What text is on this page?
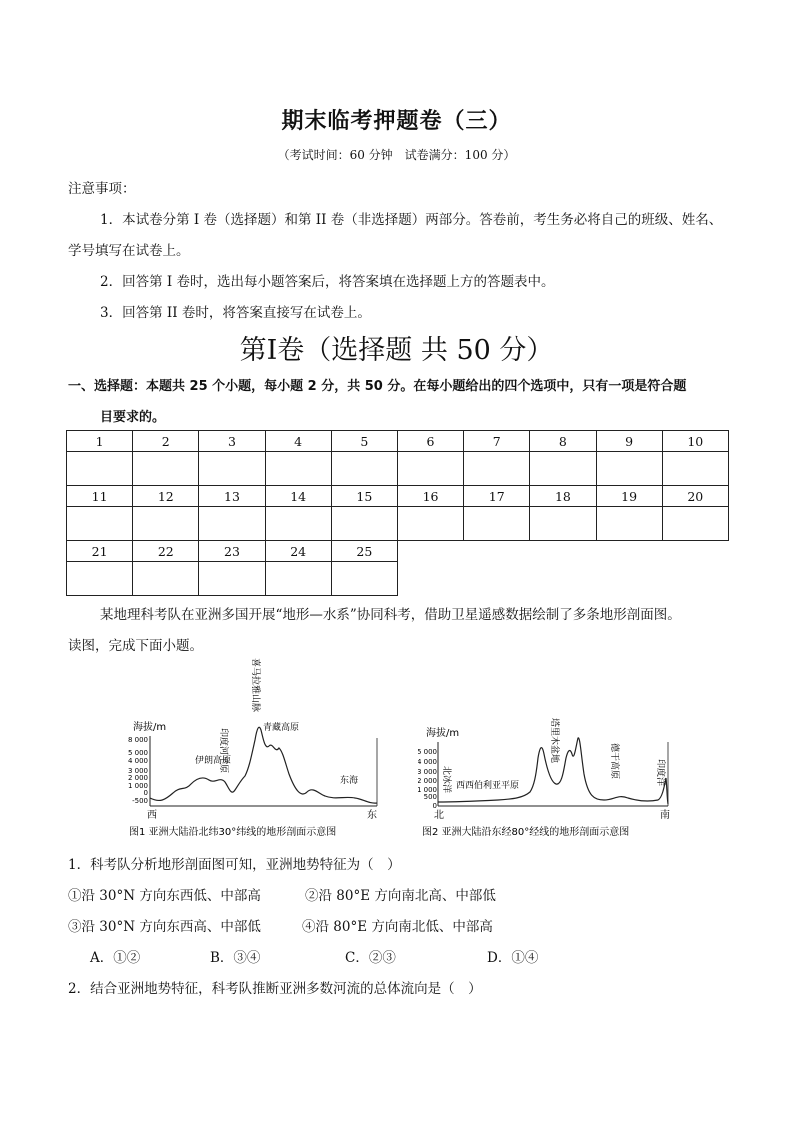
期末临考押题卷（三）
（考试时间：60 分钟　试卷满分：100 分）
注意事项：
1．本试卷分第 I 卷（选择题）和第 II 卷（非选择题）两部分。答卷前，考生务必将自己的班级、姓名、
学号填写在试卷上。
2．回答第 I 卷时，选出每小题答案后，将答案填在选择题上方的答题表中。
3．回答第 II 卷时，将答案直接写在试卷上。
第I卷（选择题 共 50 分）
一、选择题：本题共 25 个小题，每小题 2 分，共 50 分。在每小题给出的四个选项中，只有一项是符合题
目要求的。
1	2	3	4	5	6	7	8	9	10

11	12	13	14	15	16	17	18	19	20

21	22	23	24	25

某地理科考队在亚洲多国开展“地形—水系”协同科考，借助卫星遥感数据绘制了多条地形剖面图。
读图，完成下面小题。
海拔/m
8 000
5 000
4 000
3 000
2 000
1 000
0
-500
伊朗高原
印度河平原
喜马拉雅山脉
青藏高原
东海
西	东
图1 亚洲大陆沿北纬30°纬线的地形剖面示意图
海拔/m
5 000
4 000
3 000
2 000
1 000
500
0
北冰洋 西西伯利亚平原
塔里木盆地	德干高原	印度洋
北	南
图2 亚洲大陆沿东经80°经线的地形剖面示意图
1．科考队分析地形剖面图可知，亚洲地势特征为（　）
①沿 30°N 方向东西低、中部高	②沿 80°E 方向南北高、中部低
③沿 30°N 方向东西高、中部低	④沿 80°E 方向南北低、中部高
A．①②	B．③④	C．②③	D．①④
2．结合亚洲地势特征，科考队推断亚洲多数河流的总体流向是（　）
